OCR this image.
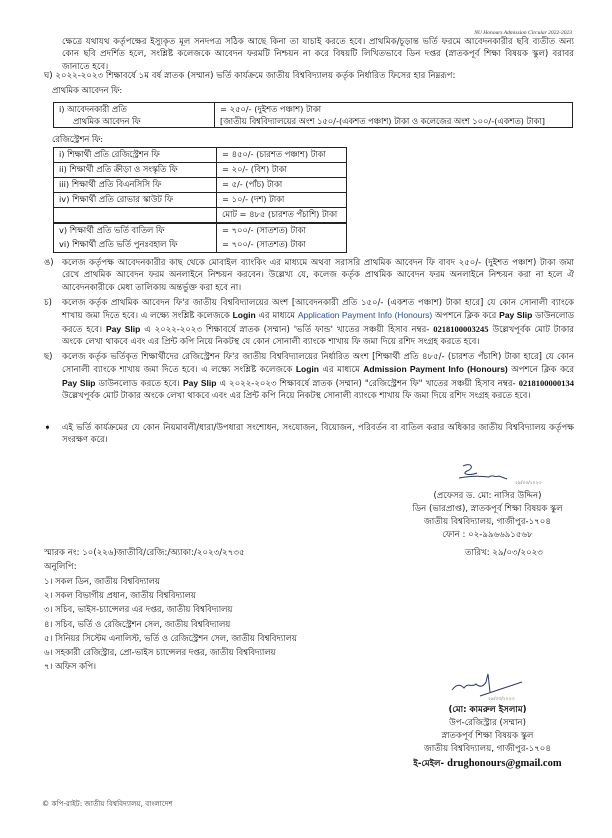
NU Honours Admission Circular 2022-2023
ক্ষেত্রে যথাযথ কর্তৃপক্ষের ইস্যুকৃত মূল সনদপত্র সঠিক আছে কিনা তা যাচাই করতে হবে। প্রাথমিক/চূড়ান্ত ভর্তি ফরমে আবেদনকারীর ছবি ব্যতীত অন্য কোন ছবি প্রদর্শিত হলে, সংশ্লিষ্ট কলেজকে আবেদন ফরমটি নিশ্চয়ন না করে বিষয়টি লিখিতভাবে ডিন দপ্তর (স্নাতকপূর্ব শিক্ষা বিষয়ক স্কুল) বরাবর জানাতে হবে।
ঘ) ২০২২-২০২৩ শিক্ষাবর্ষে ১ম বর্ষ স্নাতক (সম্মান) ভর্তি কার্যক্রমে জাতীয় বিশ্ববিদ্যালয় কর্তৃক নির্ধারিত ফিসের হার নিম্নরূপ:
প্রাথমিক আবেদন ফি:
i) আবেদনকারী প্রতি
প্রাথমিক আবেদন ফি

= ২৫০/- (দুইশত পঞ্চাশ) টাকা
[জাতীয় বিশ্ববিদ্যালয়ের অংশ ১৫০/-(একশত পঞ্চাশ) টাকা ও কলেজের অংশ ১০০/-(একশত) টাকা]
রেজিস্ট্রেশন ফি:
i) শিক্ষার্থী প্রতি রেজিস্ট্রেশন ফি	= ৪৫০/- (চারশত পঞ্চাশ) টাকা
ii) শিক্ষার্থী প্রতি ক্রীড়া ও সংস্কৃতি ফি	= ২০/- (বিশ) টাকা
iii) শিক্ষার্থী প্রতি বিএনসিসি ফি	= ৫/- (পাঁচ) টাকা
iv) শিক্ষার্থী প্রতি রোভার স্কাউট ফি	= ১০/- (দশ) টাকা
	মোট = ৪৮৫ (চারশত পঁচাশি) টাকা
v) শিক্ষার্থী প্রতি ভর্তি বাতিল ফি	= ৭০০/- (সাতশত) টাকা
vi) শিক্ষার্থী প্রতি ভর্তি পুনঃবহাল ফি	= ৭০০/- (সাতশত) টাকা
ঙ) কলেজ কর্তৃপক্ষ আবেদনকারীর কাছ থেকে মোবাইল ব্যাংকিং এর মাধ্যমে অথবা সরাসরি প্রাথমিক আবেদন ফি বাবদ ২৫০/- (দুইশত পঞ্চাশ) টাকা জমা রেখে প্রাথমিক আবেদন ফরম অনলাইনে নিশ্চয়ন করবেন। উল্লেখ্য যে, কলেজ কর্তৃক প্রাথমিক আবেদন ফরম অনলাইনে নিশ্চয়ন করা না হলে ঐ আবেদনকারীকে মেধা তালিকায় অন্তর্ভুক্ত করা হবে না।
চ)	কলেজ কর্তৃক প্রাথমিক আবেদন ফি'র জাতীয় বিশ্ববিদ্যালয়ের অংশ [আবেদনকারী প্রতি ১৫০/- (একশত পঞ্চাশ) টাকা হারে] যে কোন সোনালী ব্যাংকে শাখায় জমা দিতে হবে। এ লক্ষ্যে সংশ্লিষ্ট কলেজকে Login এর মাধ্যমে Application Payment Info (Honours) অপশনে ক্লিক করে Pay Slip ডাউনলোড করতে হবে। Pay Slip এ ২০২২-২০২৩ শিক্ষাবর্ষে স্নাতক (সম্মান) 'ভর্তি ফান্ড' খাতের সঞ্চয়ী হিসাব নম্বর- 0218100003245 উল্লেখপূর্বক মোট টাকার অংকে লেখা থাকবে এবং এর প্রিন্ট কপি নিয়ে নিকটস্থ যে কোন সোনালী ব্যাংকে শাখায় ফি জমা দিয়ে রশিদ সংগ্রহ করতে হবে।
ছ)	কলেজ কর্তৃক ভর্তিকৃত শিক্ষার্থীদের রেজিস্ট্রেশন ফি'র জাতীয় বিশ্ববিদ্যালয়ের নির্ধারিত অংশ [শিক্ষার্থী প্রতি ৪৮৫/- (চারশত পঁচাশি) টাকা হারে] যে কোন সোনালী ব্যাংকে শাখায় জমা দিতে হবে। এ লক্ষ্যে সংশ্লিষ্ট কলেজকে Login এর মাধ্যমে Admission Payment Info (Honours) অপশনে ক্লিক করে Pay Slip ডাউনলোড করতে হবে। Pay Slip এ ২০২২-২০২৩ শিক্ষাবর্ষে স্নাতক (সম্মান) "রেজিস্ট্রেশন ফি" খাতের সঞ্চয়ী হিসাব নম্বর- 0218100000134 উল্লেখপূর্বক মোট টাকার অংকে লেখা থাকবে এবং এর প্রিন্ট কপি নিয়ে নিকটস্থ সোনালী ব্যাংকে শাখায় ফি জমা দিয়ে রশিদ সংগ্রহ করতে হবে।
➧	এই ভর্তি কার্যক্রমের যে কোন নিয়মাবলী/ধারা/উপধারা সংশোধন, সংযোজন, বিয়োজন, পরিবর্তন বা বাতিল করার অধিকার জাতীয় বিশ্ববিদ্যালয় কর্তৃপক্ষ সংরক্ষণ করে।
২৯/০৩/২০২৩
(প্রফেসর ড. মো: নাসির উদ্দিন)
ডিন (ভারপ্রাপ্ত), স্নাতকপূর্ব শিক্ষা বিষয়ক স্কুল
জাতীয় বিশ্ববিদ্যালয়, গাজীপুর-১৭০৪
ফোন : ০২-৯৯৬৬৯১৫৬৮
স্মারক নং: ১০(২২৬)জাতীবি/রেজি:/অ্যাকা:/২০২৩/২৭৩৫	তারিখ: ২৯/০৩/২০২৩
অনুলিপি:
১। সকল ডিন, জাতীয় বিশ্ববিদ্যালয়
২। সকল বিভাগীয় প্রধান, জাতীয় বিশ্ববিদ্যালয়
৩। সচিব, ভাইস-চ্যান্সেলর এর দপ্তর, জাতীয় বিশ্ববিদ্যালয়
৪। সচিব, ভর্তি ও রেজিস্ট্রেশন সেল, জাতীয় বিশ্ববিদ্যালয়
৫। সিনিয়র সিস্টেম এনালিস্ট, ভর্তি ও রেজিস্ট্রেশন সেল, জাতীয় বিশ্ববিদ্যালয়
৬। সহকারী রেজিস্ট্রার, প্রো-ভাইস চ্যান্সেলর দপ্তর, জাতীয় বিশ্ববিদ্যালয়
৭। অফিস কপি।
২৯/০৩/২০২৩
(মো: কামরুল ইসলাম)
উপ-রেজিস্ট্রার (সম্মান)
স্নাতকপূর্ব শিক্ষা বিষয়ক স্কুল
জাতীয় বিশ্ববিদ্যালয়, গাজীপুর-১৭০৪
ই-মেইল- drughonours@gmail.com
© কপি-রাইট: জাতীয় বিশ্ববিদ্যালয়, বাংলাদেশ
